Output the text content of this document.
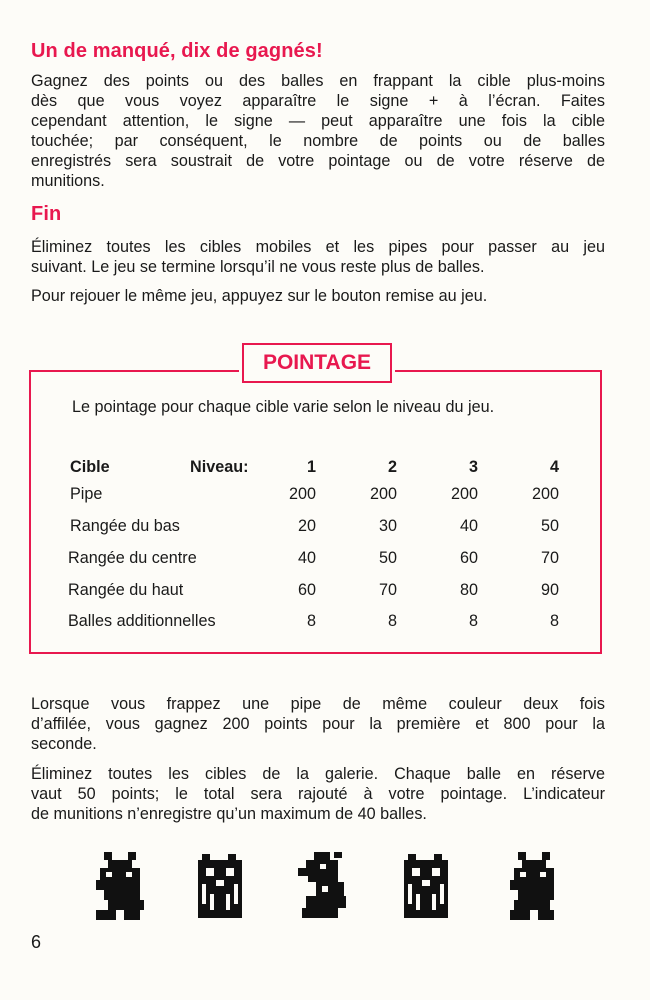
Un de manqué, dix de gagnés!

Gagnez des points ou des balles en frappant la cible plus-moins

dès que vous voyez apparaître le signe + à l’écran. Faites

cependant attention, le signe — peut apparaître une fois la cible

touchée; par conséquent, le nombre de points ou de balles

enregistrés sera soustrait de votre pointage ou de votre réserve de

munitions.

Fin

Éliminez toutes les cibles mobiles et les pipes pour passer au jeu

suivant. Le jeu se termine lorsqu’il ne vous reste plus de balles.

Pour rejouer le même jeu, appuyez sur le bouton remise au jeu.

POINTAGE
Le pointage pour chaque cible varie selon le niveau du jeu.
Cible	Niveau:	1	2	3	4
Pipe	200	200	200	200
Rangée du bas	20	30	40	50
Rangée du centre	40	50	60	70
Rangée du haut	60	70	80	90
Balles additionnelles	8	8	8	8

Lorsque vous frappez une pipe de même couleur deux fois

d’affilée, vous gagnez 200 points pour la première et 800 pour la

seconde.

Éliminez toutes les cibles de la galerie. Chaque balle en réserve

vaut 50 points; le total sera rajouté à votre pointage. L’indicateur

de munitions n’enregistre qu’un maximum de 40 balles.

6
